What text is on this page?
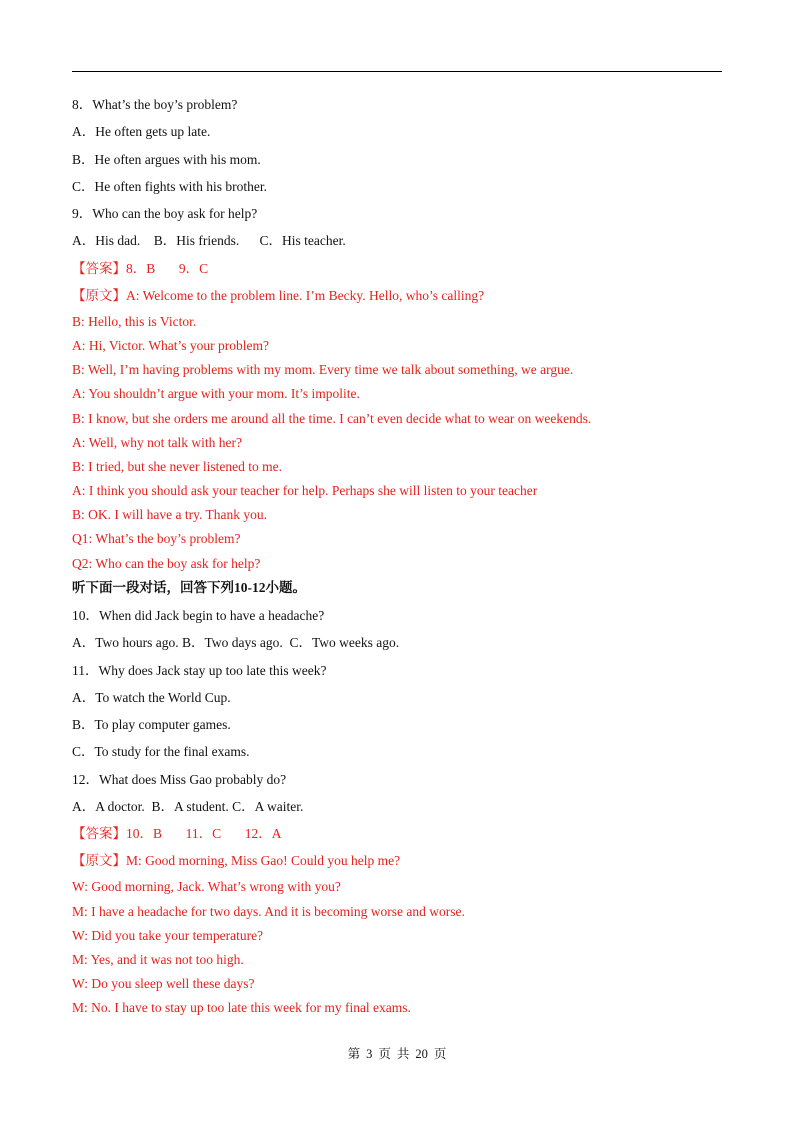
8．What’s the boy’s problem?
A．He often gets up late.
B．He often argues with his mom.
C．He often fights with his brother.
9．Who can the boy ask for help?
A．His dad.    B．His friends.      C．His teacher.
【答案】8．B       9．C
【原文】A: Welcome to the problem line. I’m Becky. Hello, who’s calling?
B: Hello, this is Victor.
A: Hi, Victor. What’s your problem?
B: Well, I’m having problems with my mom. Every time we talk about something, we argue.
A: You shouldn’t argue with your mom. It’s impolite.
B: I know, but she orders me around all the time. I can’t even decide what to wear on weekends.
A: Well, why not talk with her?
B: I tried, but she never listened to me.
A: I think you should ask your teacher for help. Perhaps she will listen to your teacher
B: OK. I will have a try. Thank you.
Q1: What’s the boy’s problem?
Q2: Who can the boy ask for help?
听下面一段对话，回答下列10-12小题。
10．When did Jack begin to have a headache?
A．Two hours ago. B．Two days ago.  C．Two weeks ago.
11．Why does Jack stay up too late this week?
A．To watch the World Cup.
B．To play computer games.
C．To study for the final exams.
12．What does Miss Gao probably do?
A．A doctor.  B．A student. C．A waiter.
【答案】10．B       11．C       12．A
【原文】M: Good morning, Miss Gao! Could you help me?
W: Good morning, Jack. What’s wrong with you?
M: I have a headache for two days. And it is becoming worse and worse.
W: Did you take your temperature?
M: Yes, and it was not too high.
W: Do you sleep well these days?
M: No. I have to stay up too late this week for my final exams.
第 3 页 共 20 页
